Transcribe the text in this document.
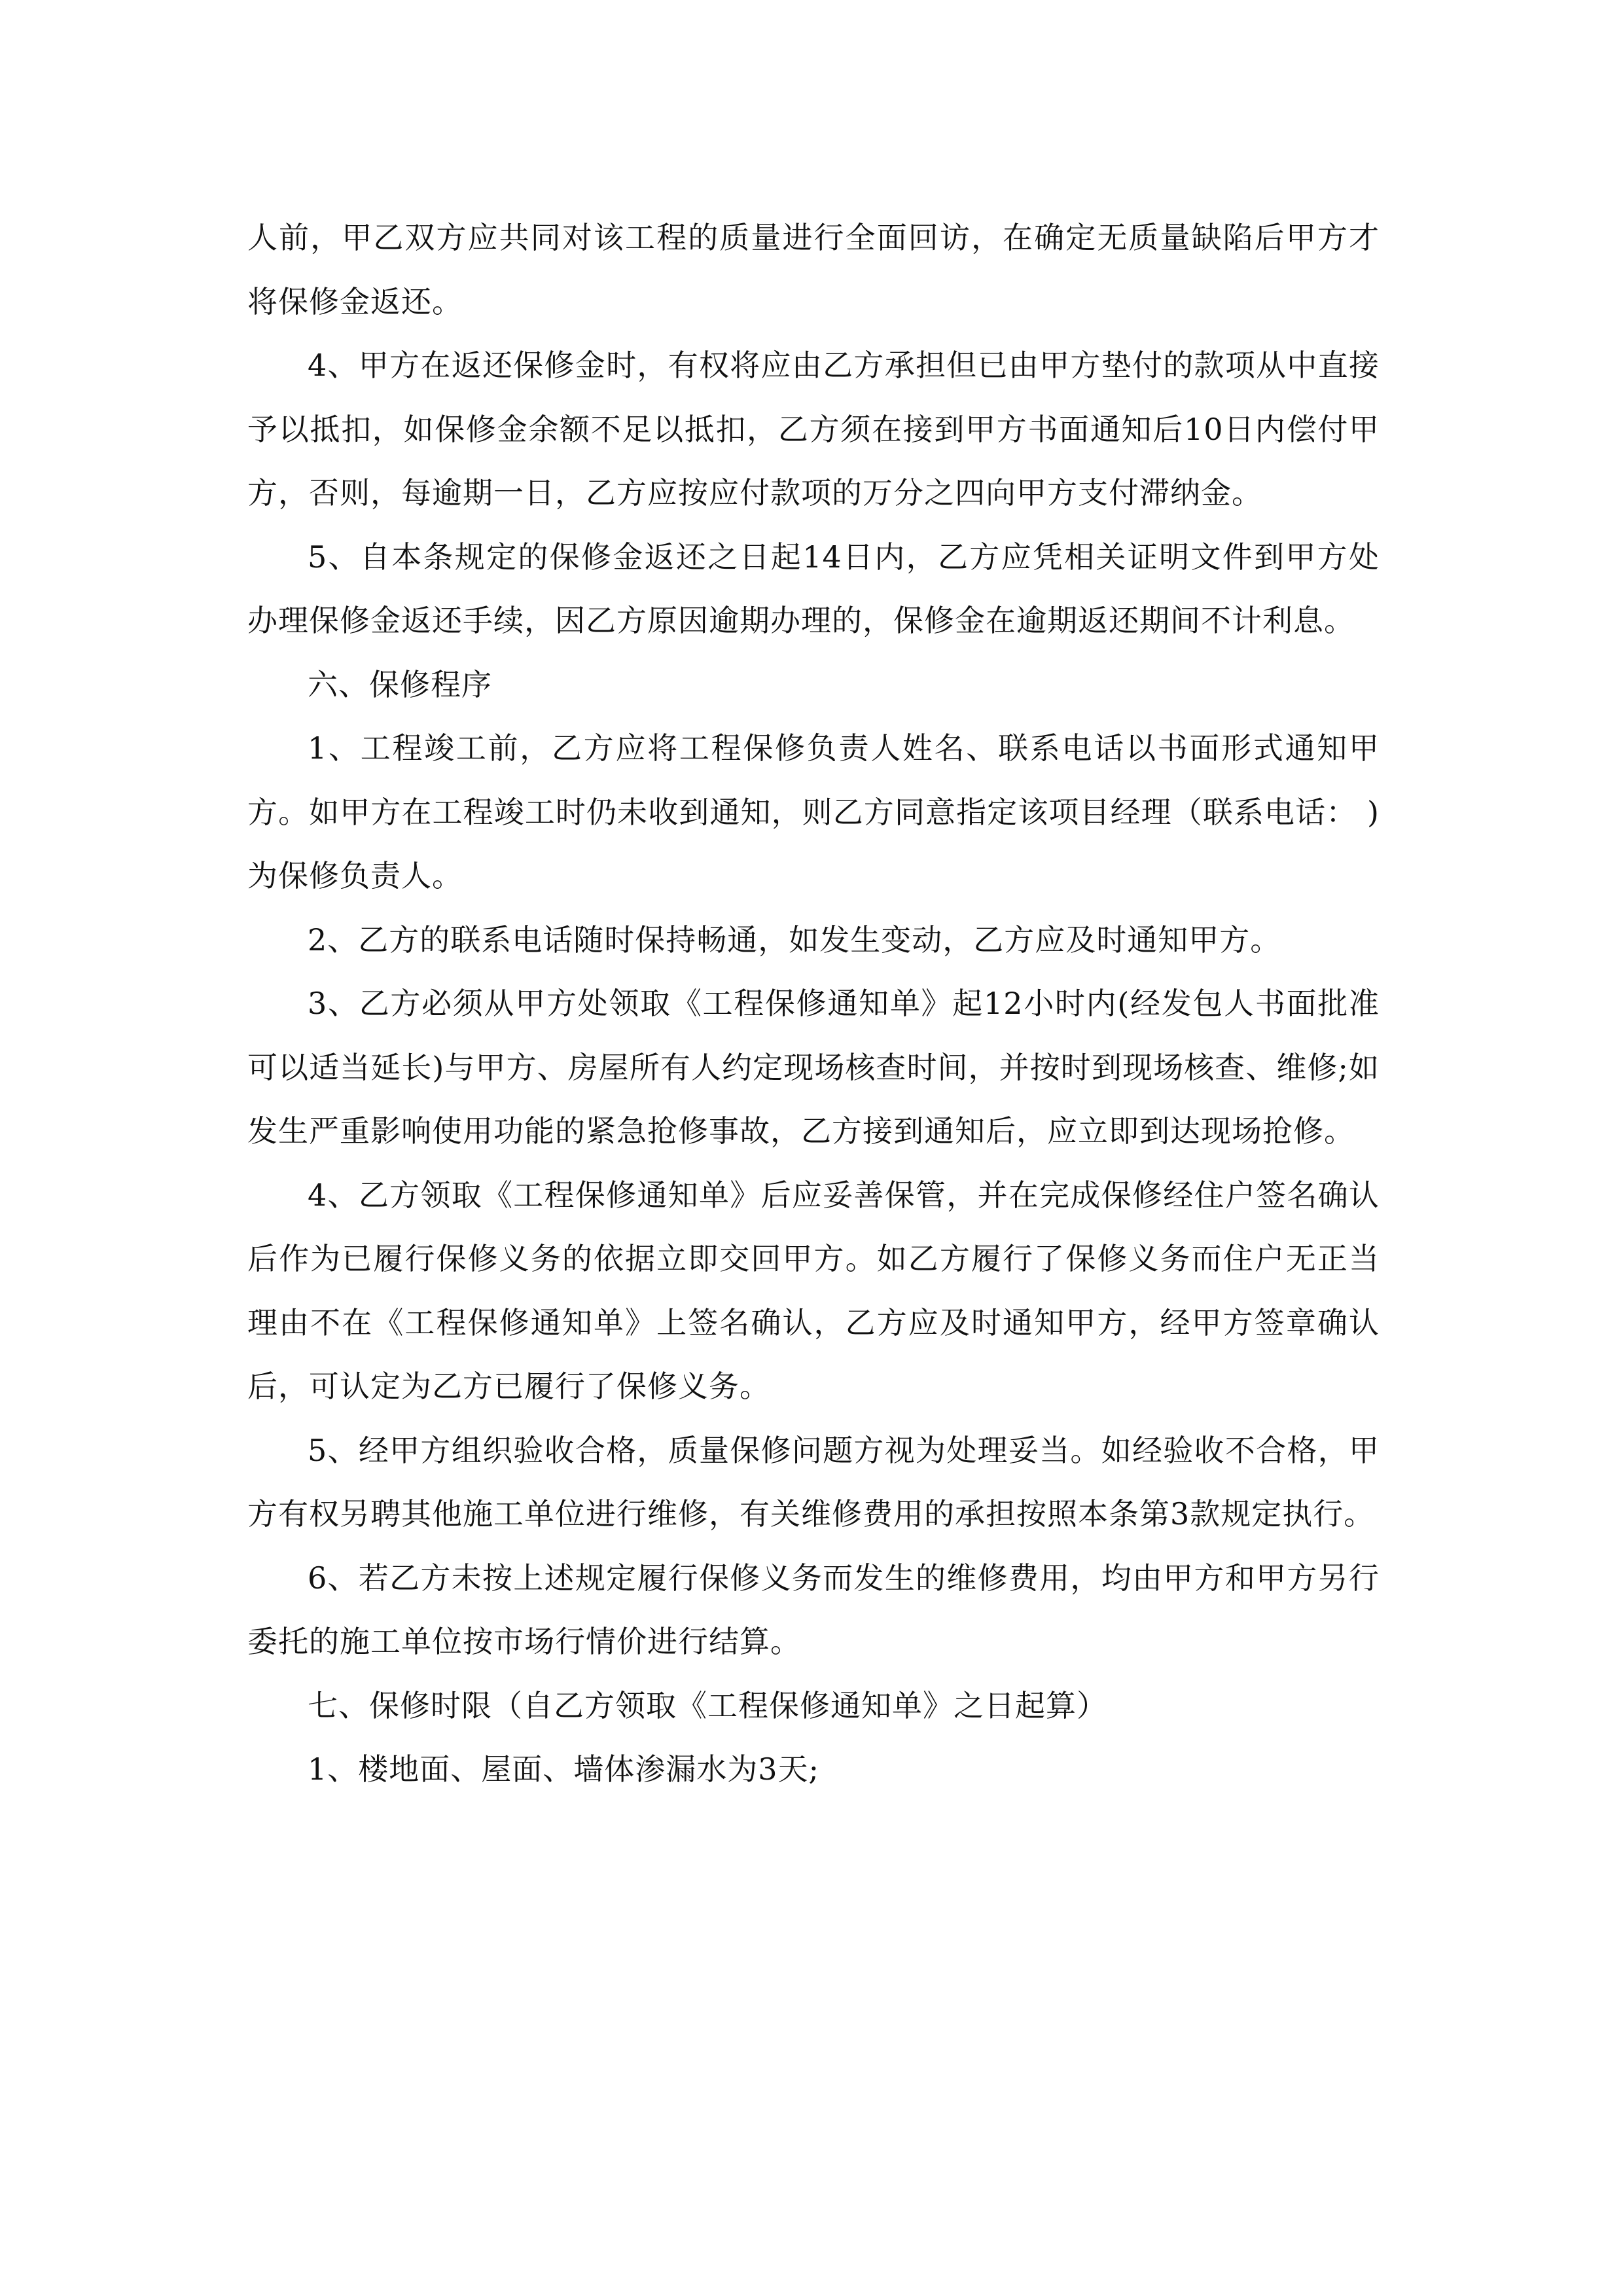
人前，甲乙双方应共同对该工程的质量进行全面回访，在确定无质量缺陷后甲方才将保修金返还。

4、甲方在返还保修金时，有权将应由乙方承担但已由甲方垫付的款项从中直接予以抵扣，如保修金余额不足以抵扣，乙方须在接到甲方书面通知后10日内偿付甲方，否则，每逾期一日，乙方应按应付款项的万分之四向甲方支付滞纳金。

5、自本条规定的保修金返还之日起14日内，乙方应凭相关证明文件到甲方处办理保修金返还手续，因乙方原因逾期办理的，保修金在逾期返还期间不计利息。

六、保修程序

1、工程竣工前，乙方应将工程保修负责人姓名、联系电话以书面形式通知甲方。如甲方在工程竣工时仍未收到通知，则乙方同意指定该项目经理（联系电话： )为保修负责人。

2、乙方的联系电话随时保持畅通，如发生变动，乙方应及时通知甲方。

3、乙方必须从甲方处领取《工程保修通知单》起12小时内(经发包人书面批准可以适当延长)与甲方、房屋所有人约定现场核查时间，并按时到现场核查、维修;如发生严重影响使用功能的紧急抢修事故，乙方接到通知后，应立即到达现场抢修。

4、乙方领取《工程保修通知单》后应妥善保管，并在完成保修经住户签名确认后作为已履行保修义务的依据立即交回甲方。如乙方履行了保修义务而住户无正当理由不在《工程保修通知单》上签名确认，乙方应及时通知甲方，经甲方签章确认后，可认定为乙方已履行了保修义务。

5、经甲方组织验收合格，质量保修问题方视为处理妥当。如经验收不合格，甲方有权另聘其他施工单位进行维修，有关维修费用的承担按照本条第3款规定执行。

6、若乙方未按上述规定履行保修义务而发生的维修费用，均由甲方和甲方另行委托的施工单位按市场行情价进行结算。

七、保修时限（自乙方领取《工程保修通知单》之日起算）

1、楼地面、屋面、墙体渗漏水为3天;
